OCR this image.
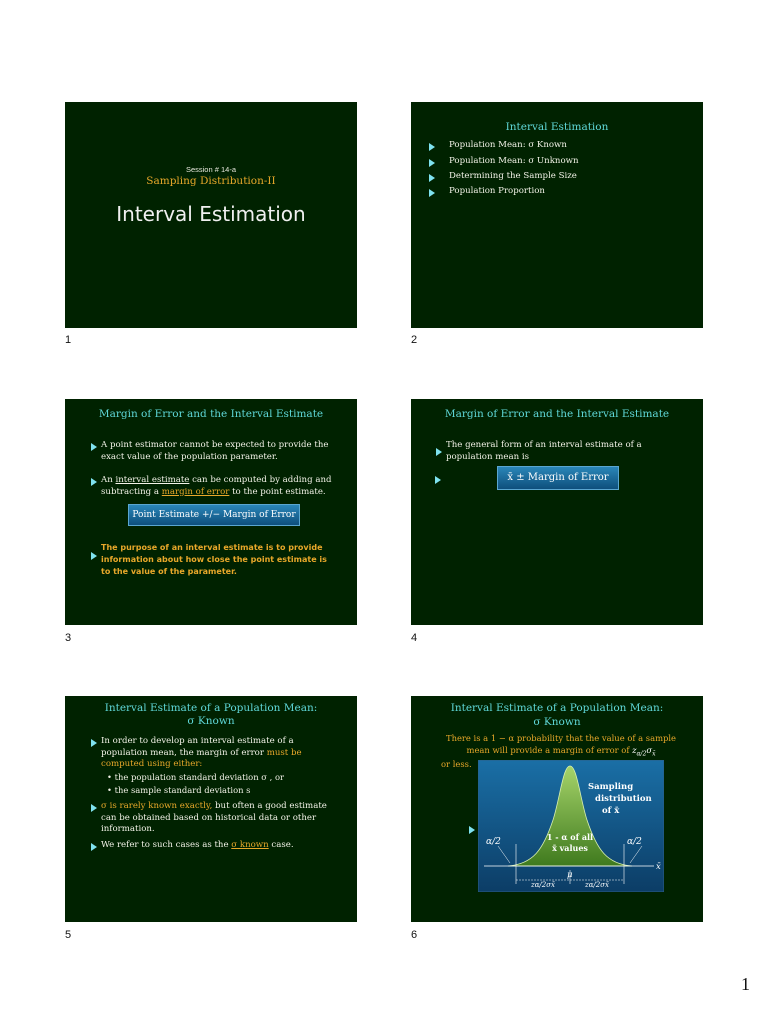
Session # 14-a
Sampling Distribution-II
Interval Estimation
1
Interval Estimation
Population Mean: σ Known
Population Mean: σ Unknown
Determining the Sample Size
Population Proportion
2
Margin of Error and the Interval Estimate
A point estimator cannot be expected to provide the exact value of the population parameter.
An interval estimate can be computed by adding and subtracting a margin of error to the point estimate.
Point Estimate +/− Margin of Error
The purpose of an interval estimate is to provide information about how close the point estimate is to the value of the parameter.
3
Margin of Error and the Interval Estimate
The general form of an interval estimate of a population mean is
x̄ ± Margin of Error
4
Interval Estimate of a Population Mean:
σ Known
In order to develop an interval estimate of a population mean, the margin of error must be computed using either:
• the population standard deviation σ , or
• the sample standard deviation s
σ is rarely known exactly, but often a good estimate can be obtained based on historical data or other information.
We refer to such cases as the σ known case.
5
Interval Estimate of a Population Mean:
σ Known
There is a 1 − α probability that the value of a sample mean will provide a margin of error of $z_{\alpha/2}\sigma_{x̄}$
or less.
Sampling
distribution
of x̄
α/2	α/2
1 - α of all
x̄ values
x̄
μ
zα/2σx̄	zα/2σx̄
6
1
